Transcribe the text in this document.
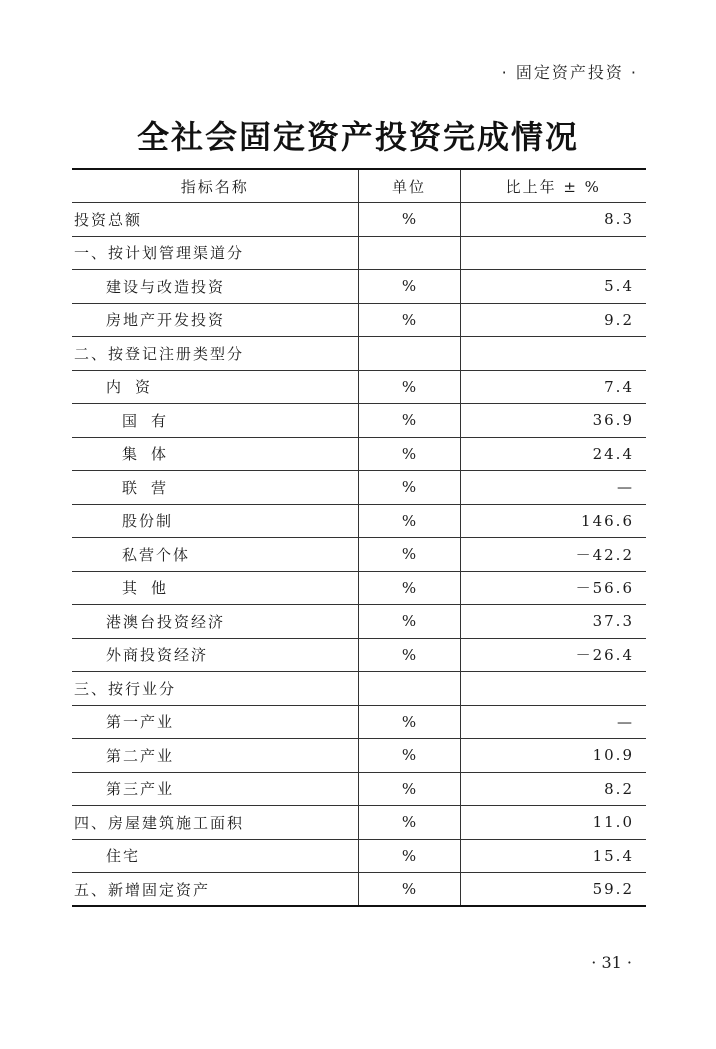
· 固定资产投资 ·
全社会固定资产投资完成情况
指标名称	单位	比上年 ± %
投资总额	%	8.3
一、按计划管理渠道分		
建设与改造投资	%	5.4
房地产开发投资	%	9.2
二、按登记注册类型分		
内资	%	7.4
国有	%	36.9
集体	%	24.4
联营	%	—
股份制	%	146.6
私营个体	%	－42.2
其他	%	－56.6
港澳台投资经济	%	37.3
外商投资经济	%	－26.4
三、按行业分		
第一产业	%	—
第二产业	%	10.9
第三产业	%	8.2
四、房屋建筑施工面积	%	11.0
住宅	%	15.4
五、新增固定资产	%	59.2
· 31 ·
